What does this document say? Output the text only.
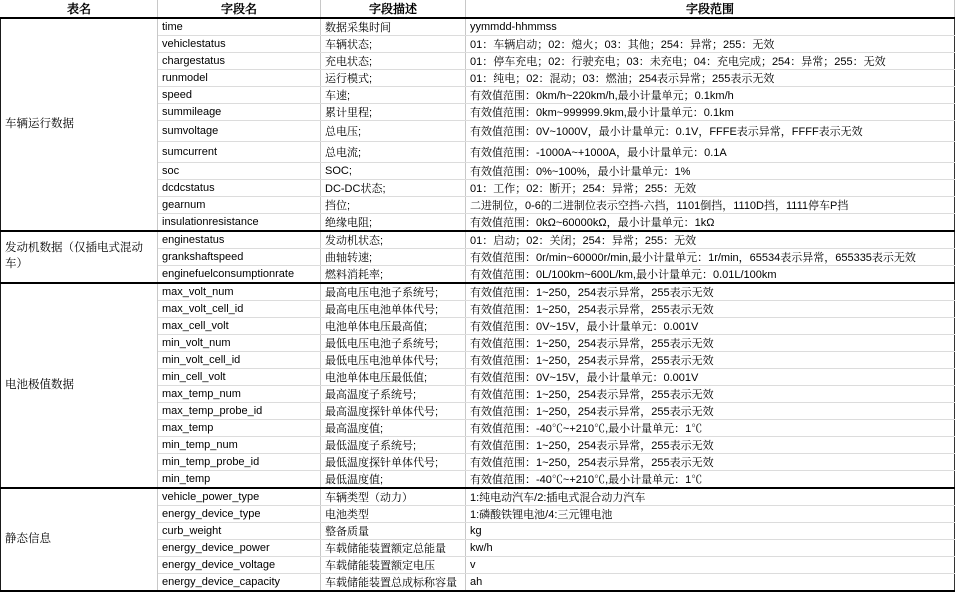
表名	字段名	字段描述	字段范围
车辆运行数据	time	数据采集时间	yymmdd-hhmmss
	vehiclestatus	车辆状态;	01：车辆启动；02：熄火；03：其他；254：异常；255：无效
	chargestatus	充电状态;	01：停车充电；02：行驶充电；03：未充电；04：充电完成；254：异常；255：无效
	runmodel	运行模式;	01：纯电；02：混动；03：燃油；254表示异常；255表示无效
	speed	车速;	有效值范围：0km/h~220km/h,最小计量单元；0.1km/h
	summileage	累计里程;	有效值范围：0km~999999.9km,最小计量单元：0.1km
	sumvoltage	总电压;	有效值范围：0V~1000V，最小计量单元：0.1V，FFFE表示异常，FFFF表示无效
	sumcurrent	总电流;	有效值范围：-1000A~+1000A，最小计量单元：0.1A
	soc	SOC;	有效值范围：0%~100%，最小计量单元：1%
	dcdcstatus	DC-DC状态;	01：工作；02：断开；254：异常；255：无效
	gearnum	挡位;	二进制位，0-6的二进制位表示空挡-六挡，1101倒挡，1110D挡，1111停车P挡
	insulationresistance	绝缘电阻;	有效值范围：0kΩ~60000kΩ，最小计量单元：1kΩ
发动机数据（仅插电式混动车）	enginestatus	发动机状态;	01：启动；02：关闭；254：异常；255：无效
	grankshaftspeed	曲轴转速;	有效值范围：0r/min~60000r/min,最小计量单元：1r/min，65534表示异常，655335表示无效
	enginefuelconsumptionrate	燃料消耗率;	有效值范围：0L/100km~600L/km,最小计量单元：0.01L/100km
电池极值数据	max_volt_num	最高电压电池子系统号;	有效值范围：1~250，254表示异常，255表示无效
	max_volt_cell_id	最高电压电池单体代号;	有效值范围：1~250，254表示异常，255表示无效
	max_cell_volt	电池单体电压最高值;	有效值范围：0V~15V，最小计量单元：0.001V
	min_volt_num	最低电压电池子系统号;	有效值范围：1~250，254表示异常，255表示无效
	min_volt_cell_id	最低电压电池单体代号;	有效值范围：1~250，254表示异常，255表示无效
	min_cell_volt	电池单体电压最低值;	有效值范围：0V~15V，最小计量单元：0.001V
	max_temp_num	最高温度子系统号;	有效值范围：1~250，254表示异常，255表示无效
	max_temp_probe_id	最高温度探针单体代号;	有效值范围：1~250，254表示异常，255表示无效
	max_temp	最高温度值;	有效值范围：-40℃~+210℃,最小计量单元：1℃
	min_temp_num	最低温度子系统号;	有效值范围：1~250，254表示异常，255表示无效
	min_temp_probe_id	最低温度探针单体代号;	有效值范围：1~250，254表示异常，255表示无效
	min_temp	最低温度值;	有效值范围：-40℃~+210℃,最小计量单元：1℃
静态信息	vehicle_power_type	车辆类型（动力）	1:纯电动汽车/2:插电式混合动力汽车
	energy_device_type	电池类型	1:磷酸铁锂电池/4:三元锂电池
	curb_weight	整备质量	kg
	energy_device_power	车载储能装置额定总能量	kw/h
	energy_device_voltage	车载储能装置额定电压	v
	energy_device_capacity	车载储能装置总成标称容量	ah
